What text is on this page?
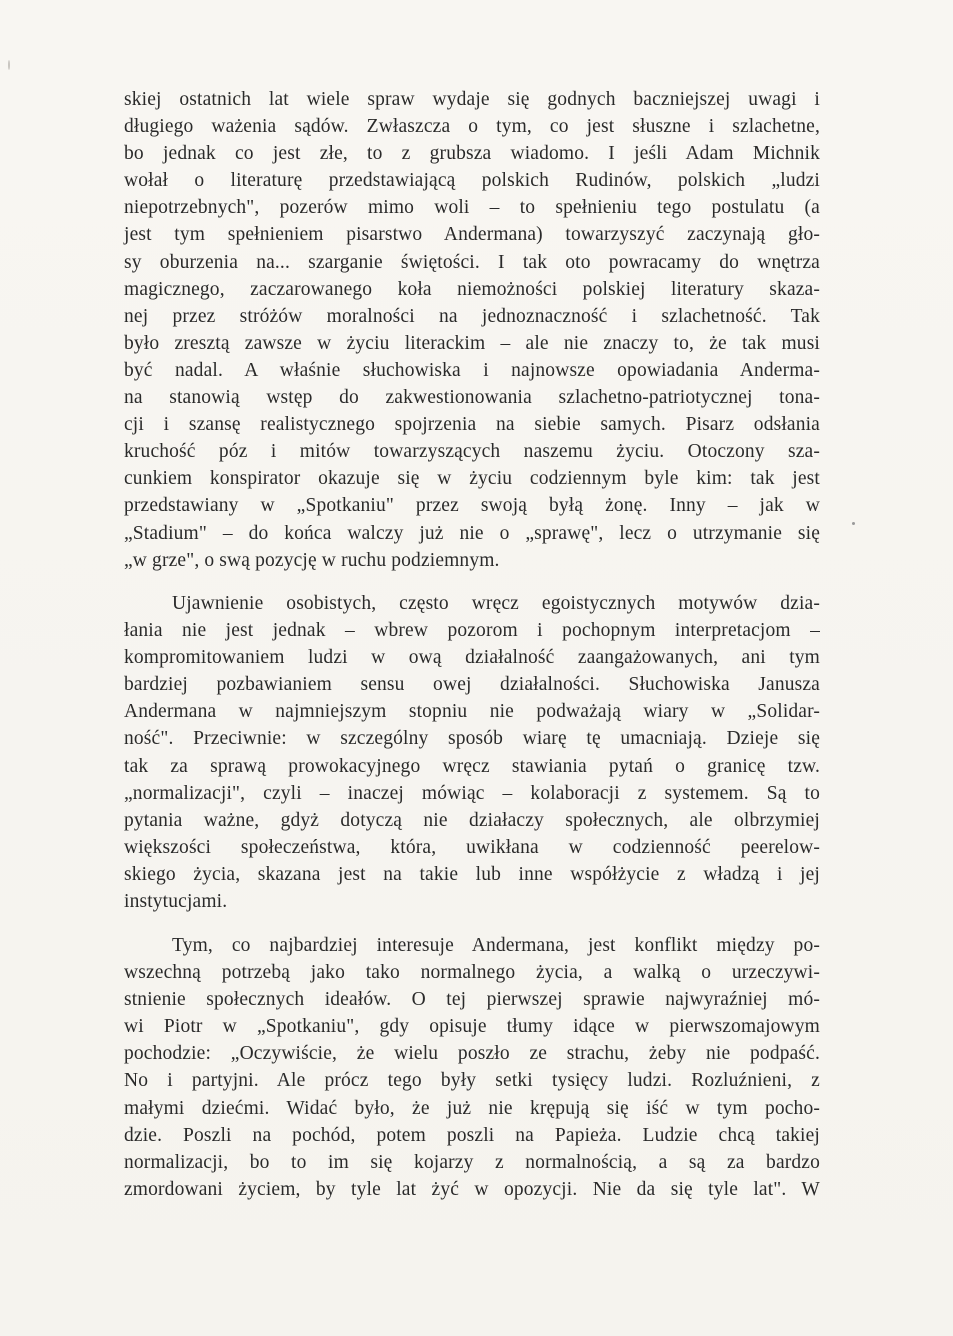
skiej ostatnich lat wiele spraw wydaje się godnych baczniejszej uwagi i
długiego ważenia sądów. Zwłaszcza o tym, co jest słuszne i szlachetne,
bo jednak co jest złe, to z grubsza wiadomo. I jeśli Adam Michnik
wołał o literaturę przedstawiającą polskich Rudinów, polskich „ludzi
niepotrzebnych", pozerów mimo woli – to spełnieniu tego postulatu (a
jest tym spełnieniem pisarstwo Andermana) towarzyszyć zaczynają gło-
sy oburzenia na... szarganie świętości. I tak oto powracamy do wnętrza
magicznego, zaczarowanego koła niemożności polskiej literatury skaza-
nej przez stróżów moralności na jednoznaczność i szlachetność. Tak
było zresztą zawsze w życiu literackim – ale nie znaczy to, że tak musi
być nadal. A właśnie słuchowiska i najnowsze opowiadania Anderma-
na stanowią wstęp do zakwestionowania szlachetno-patriotycznej tona-
cji i szansę realistycznego spojrzenia na siebie samych. Pisarz odsłania
kruchość póz i mitów towarzyszących naszemu życiu. Otoczony sza-
cunkiem konspirator okazuje się w życiu codziennym byle kim: tak jest
przedstawiany w „Spotkaniu" przez swoją byłą żonę. Inny – jak w
„Stadium" – do końca walczy już nie o „sprawę", lecz o utrzymanie się
„w grze", o swą pozycję w ruchu podziemnym.
Ujawnienie osobistych, często wręcz egoistycznych motywów dzia-
łania nie jest jednak – wbrew pozorom i pochopnym interpretacjom –
kompromitowaniem ludzi w ową działalność zaangażowanych, ani tym
bardziej pozbawianiem sensu owej działalności. Słuchowiska Janusza
Andermana w najmniejszym stopniu nie podważają wiary w „Solidar-
ność". Przeciwnie: w szczególny sposób wiarę tę umacniają. Dzieje się
tak za sprawą prowokacyjnego wręcz stawiania pytań o granicę tzw.
„normalizacji", czyli – inaczej mówiąc – kolaboracji z systemem. Są to
pytania ważne, gdyż dotyczą nie działaczy społecznych, ale olbrzymiej
większości społeczeństwa, która, uwikłana w codzienność peerelow-
skiego życia, skazana jest na takie lub inne współżycie z władzą i jej
instytucjami.
Tym, co najbardziej interesuje Andermana, jest konflikt między po-
wszechną potrzebą jako tako normalnego życia, a walką o urzeczywi-
stnienie społecznych ideałów. O tej pierwszej sprawie najwyraźniej mó-
wi Piotr w „Spotkaniu", gdy opisuje tłumy idące w pierwszomajowym
pochodzie: „Oczywiście, że wielu poszło ze strachu, żeby nie podpaść.
No i partyjni. Ale prócz tego były setki tysięcy ludzi. Rozluźnieni, z
małymi dziećmi. Widać było, że już nie krępują się iść w tym pocho-
dzie. Poszli na pochód, potem poszli na Papieża. Ludzie chcą takiej
normalizacji, bo to im się kojarzy z normalnością, a są za bardzo
zmordowani życiem, by tyle lat żyć w opozycji. Nie da się tyle lat". W
